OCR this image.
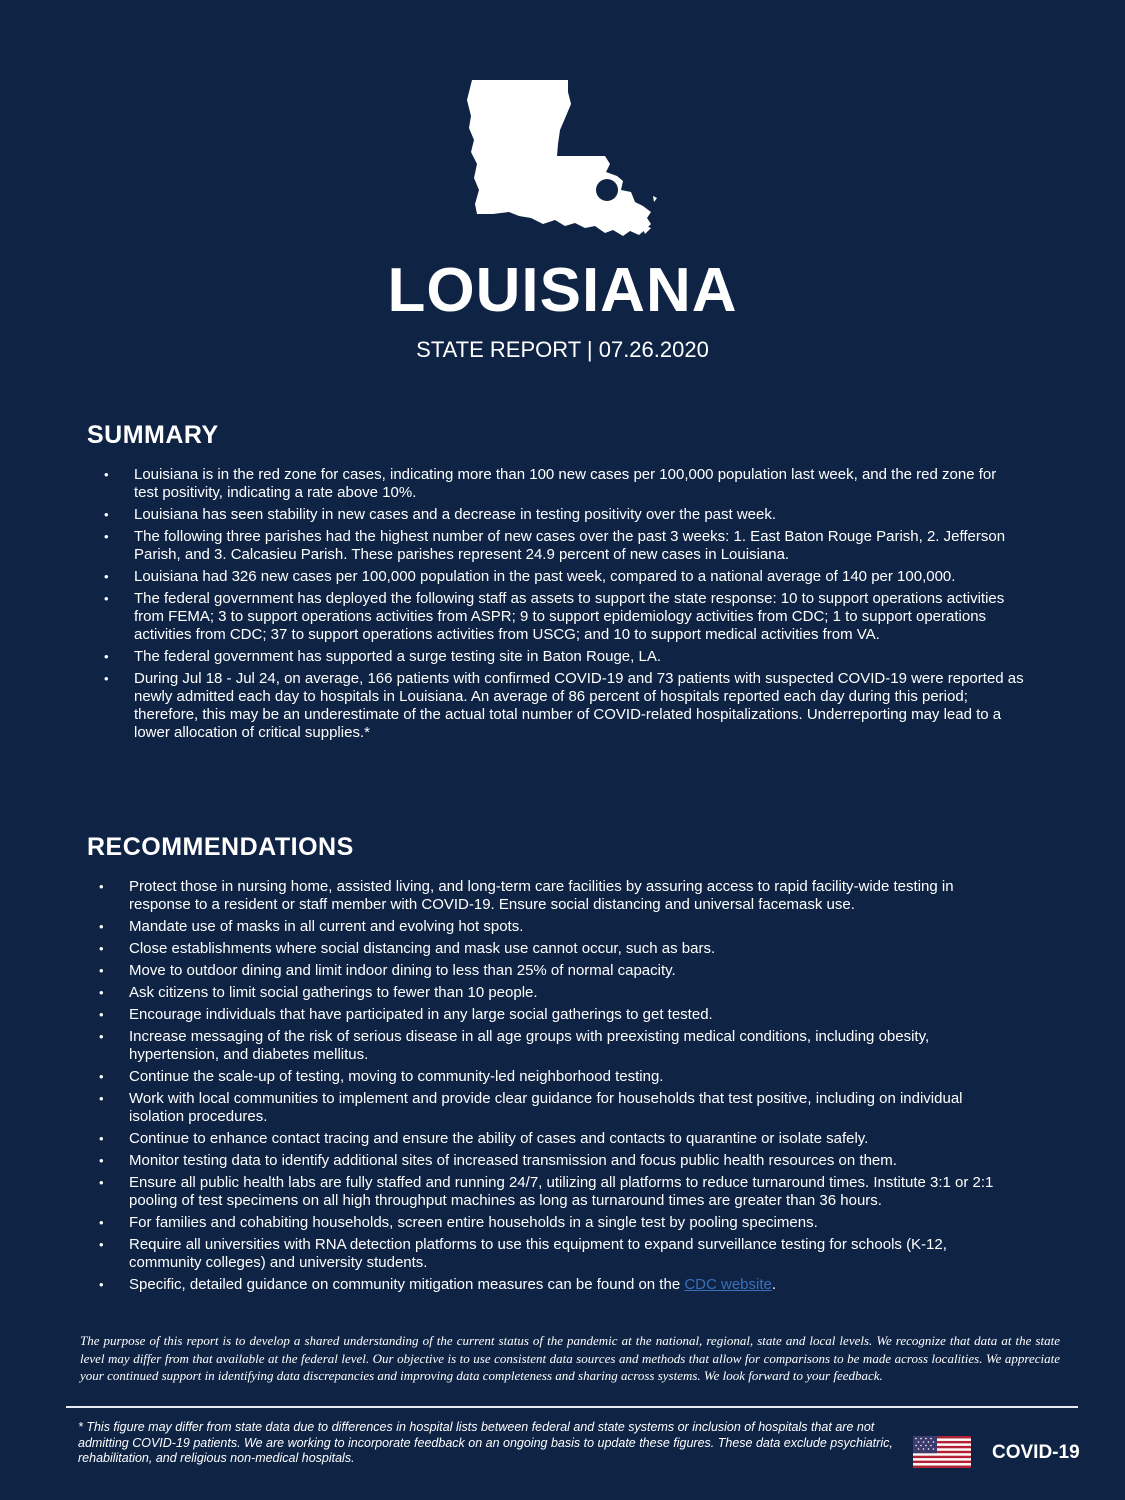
LOUISIANA
STATE REPORT | 07.26.2020
SUMMARY
•	Louisiana is in the red zone for cases, indicating more than 100 new cases per 100,000 population last week, and the red zone for test positivity, indicating a rate above 10%.
•	Louisiana has seen stability in new cases and a decrease in testing positivity over the past week.
•	The following three parishes had the highest number of new cases over the past 3 weeks: 1. East Baton Rouge Parish, 2. Jefferson Parish, and 3. Calcasieu Parish. These parishes represent 24.9 percent of new cases in Louisiana.
•	Louisiana had 326 new cases per 100,000 population in the past week, compared to a national average of 140 per 100,000.
•	The federal government has deployed the following staff as assets to support the state response: 10 to support operations activities from FEMA; 3 to support operations activities from ASPR; 9 to support epidemiology activities from CDC; 1 to support operations activities from CDC; 37 to support operations activities from USCG; and 10 to support medical activities from VA.
•	The federal government has supported a surge testing site in Baton Rouge, LA.
•	During Jul 18 - Jul 24, on average, 166 patients with confirmed COVID-19 and 73 patients with suspected COVID-19 were reported as newly admitted each day to hospitals in Louisiana. An average of 86 percent of hospitals reported each day during this period; therefore, this may be an underestimate of the actual total number of COVID-related hospitalizations. Underreporting may lead to a lower allocation of critical supplies.*
RECOMMENDATIONS
•	Protect those in nursing home, assisted living, and long-term care facilities by assuring access to rapid facility-wide testing in response to a resident or staff member with COVID-19. Ensure social distancing and universal facemask use.
•	Mandate use of masks in all current and evolving hot spots.
•	Close establishments where social distancing and mask use cannot occur, such as bars.
•	Move to outdoor dining and limit indoor dining to less than 25% of normal capacity.
•	Ask citizens to limit social gatherings to fewer than 10 people.
•	Encourage individuals that have participated in any large social gatherings to get tested.
•	Increase messaging of the risk of serious disease in all age groups with preexisting medical conditions, including obesity, hypertension, and diabetes mellitus.
•	Continue the scale-up of testing, moving to community-led neighborhood testing.
•	Work with local communities to implement and provide clear guidance for households that test positive, including on individual isolation procedures.
•	Continue to enhance contact tracing and ensure the ability of cases and contacts to quarantine or isolate safely.
•	Monitor testing data to identify additional sites of increased transmission and focus public health resources on them.
•	Ensure all public health labs are fully staffed and running 24/7, utilizing all platforms to reduce turnaround times. Institute 3:1 or 2:1 pooling of test specimens on all high throughput machines as long as turnaround times are greater than 36 hours.
•	For families and cohabiting households, screen entire households in a single test by pooling specimens.
•	Require all universities with RNA detection platforms to use this equipment to expand surveillance testing for schools (K-12, community colleges) and university students.
•	Specific, detailed guidance on community mitigation measures can be found on the CDC website.
The purpose of this report is to develop a shared understanding of the current status of the pandemic at the national, regional, state and local levels. We recognize that data at the state level may differ from that available at the federal level. Our objective is to use consistent data sources and methods that allow for comparisons to be made across localities. We appreciate your continued support in identifying data discrepancies and improving data completeness and sharing across systems. We look forward to your feedback.
* This figure may differ from state data due to differences in hospital lists between federal and state systems or inclusion of hospitals that are not admitting COVID-19 patients. We are working to incorporate feedback on an ongoing basis to update these figures. These data exclude psychiatric, rehabilitation, and religious non-medical hospitals.	COVID-19
